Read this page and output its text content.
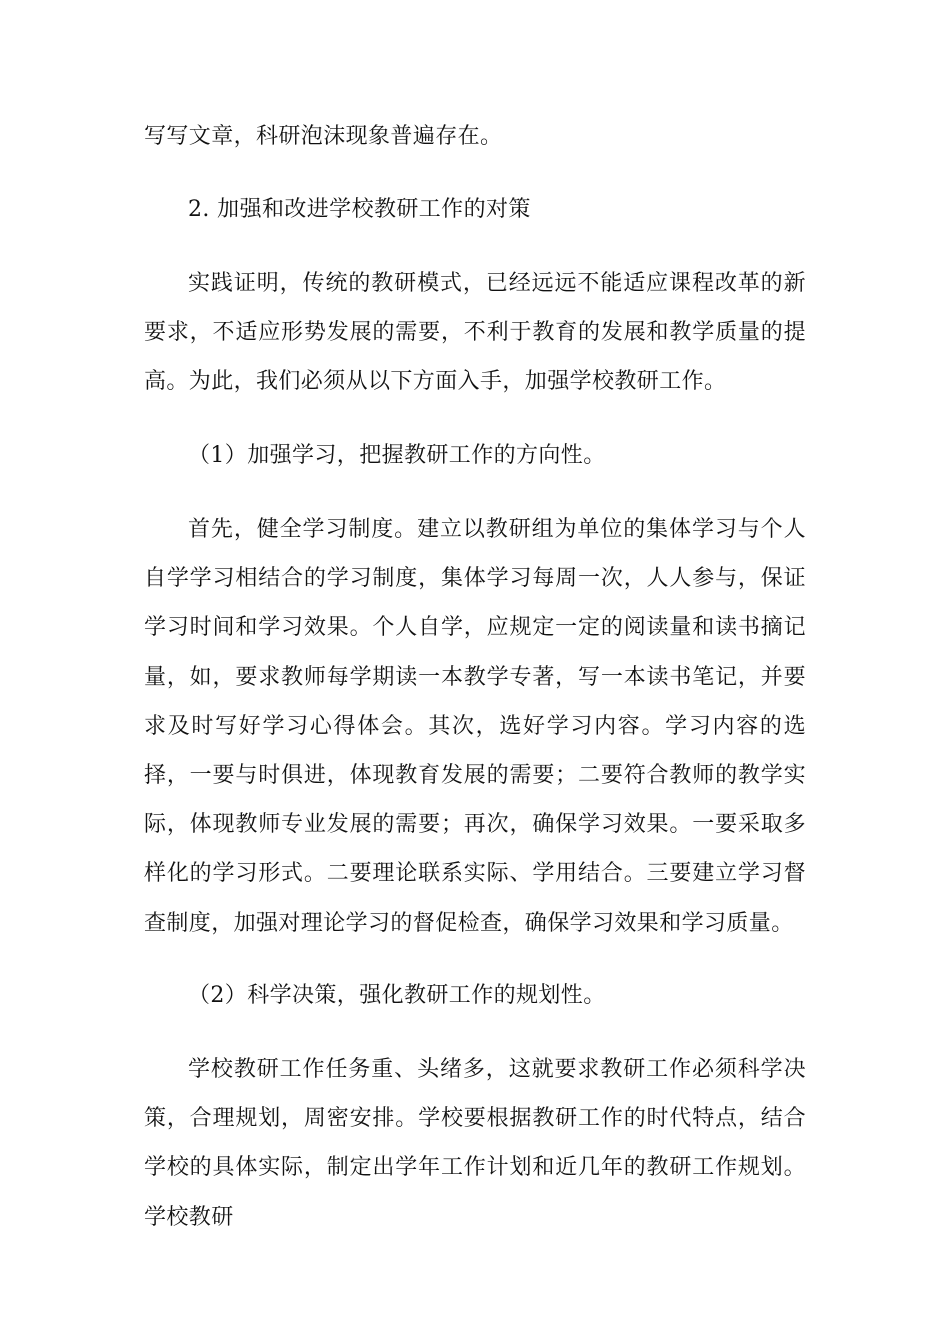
写写文章，科研泡沫现象普遍存在。

2. 加强和改进学校教研工作的对策

实践证明，传统的教研模式，已经远远不能适应课程改革的新要求，不适应形势发展的需要，不利于教育的发展和教学质量的提高。为此，我们必须从以下方面入手，加强学校教研工作。

（1）加强学习，把握教研工作的方向性。

首先，健全学习制度。建立以教研组为单位的集体学习与个人自学学习相结合的学习制度，集体学习每周一次，人人参与，保证学习时间和学习效果。个人自学，应规定一定的阅读量和读书摘记量，如，要求教师每学期读一本教学专著，写一本读书笔记，并要求及时写好学习心得体会。其次，选好学习内容。学习内容的选择，一要与时俱进，体现教育发展的需要；二要符合教师的教学实际，体现教师专业发展的需要；再次，确保学习效果。一要采取多样化的学习形式。二要理论联系实际、学用结合。三要建立学习督查制度，加强对理论学习的督促检查，确保学习效果和学习质量。

（2）科学决策，强化教研工作的规划性。

学校教研工作任务重、头绪多，这就要求教研工作必须科学决策，合理规划，周密安排。学校要根据教研工作的时代特点，结合学校的具体实际，制定出学年工作计划和近几年的教研工作规划。学校教研
